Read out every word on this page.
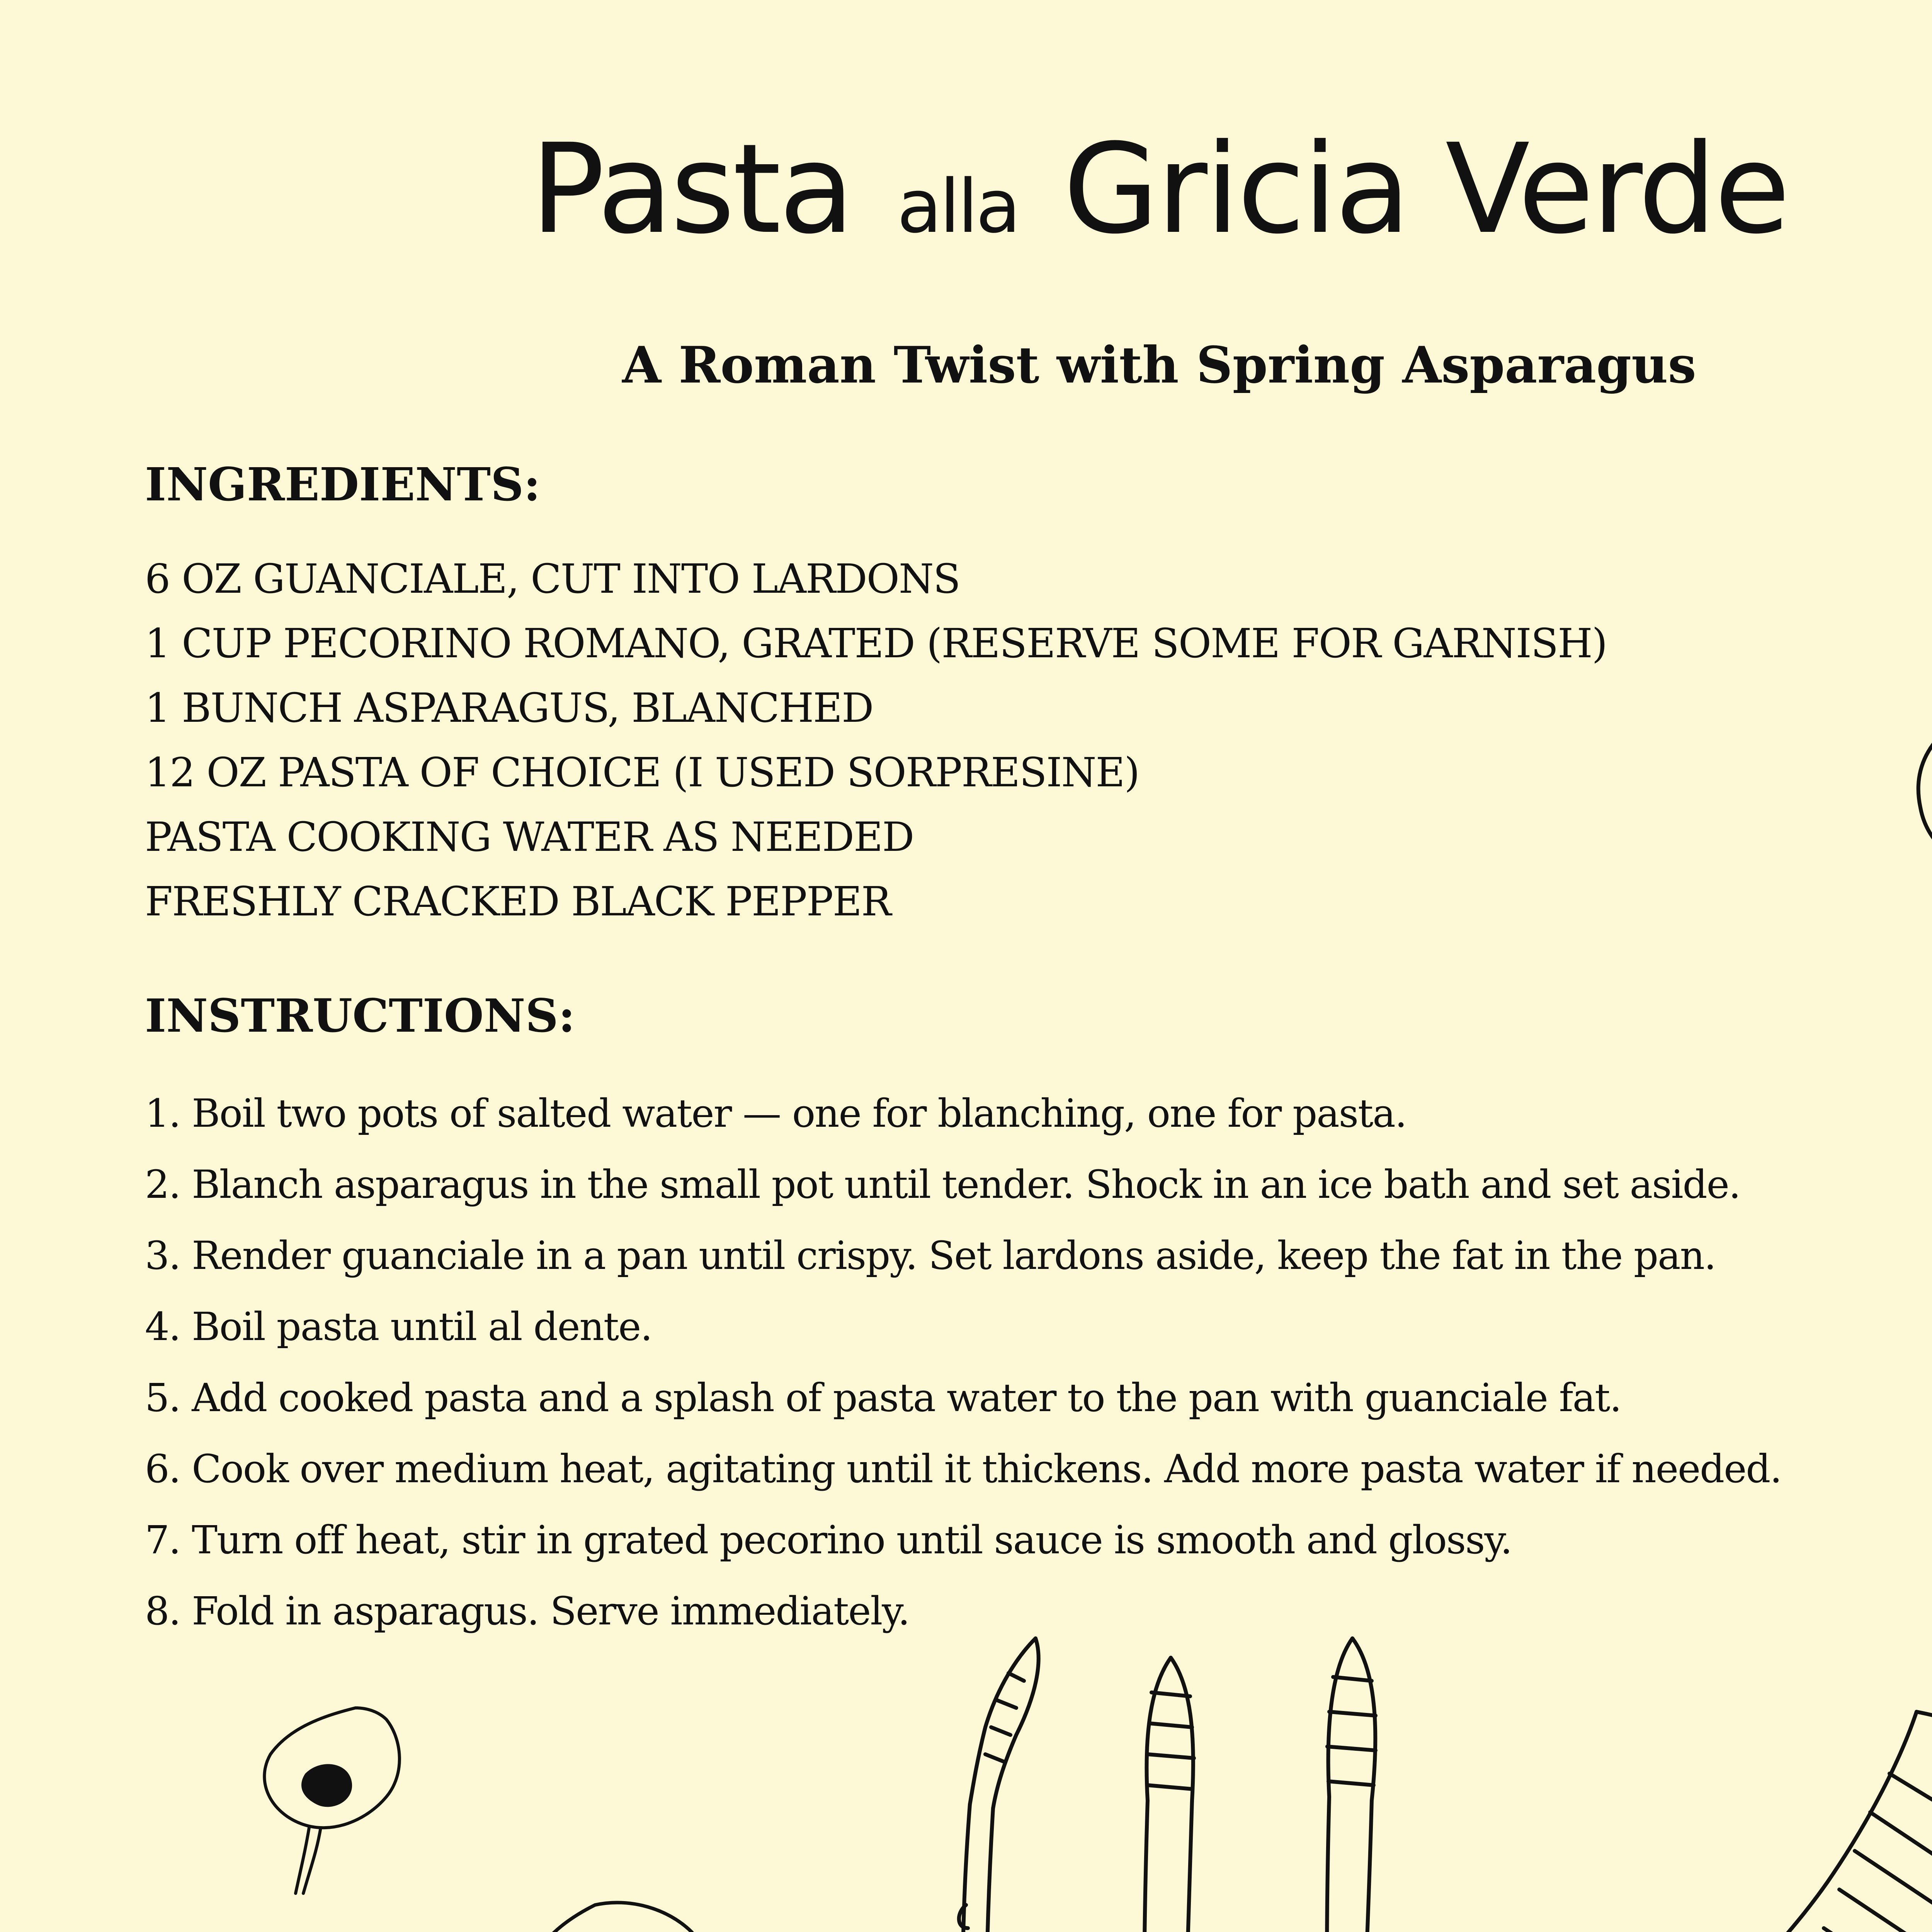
Pasta alla Gricia Verde
A Roman Twist with Spring Asparagus
INGREDIENTS:
6 OZ GUANCIALE, CUT INTO LARDONS
1 CUP PECORINO ROMANO, GRATED (RESERVE SOME FOR GARNISH)
1 BUNCH ASPARAGUS, BLANCHED
12 OZ PASTA OF CHOICE (I USED SORPRESINE)
PASTA COOKING WATER AS NEEDED
FRESHLY CRACKED BLACK PEPPER
INSTRUCTIONS:
1. Boil two pots of salted water — one for blanching, one for pasta.
2. Blanch asparagus in the small pot until tender. Shock in an ice bath and set aside.
3. Render guanciale in a pan until crispy. Set lardons aside, keep the fat in the pan.
4. Boil pasta until al dente.
5. Add cooked pasta and a splash of pasta water to the pan with guanciale fat.
6. Cook over medium heat, agitating until it thickens. Add more pasta water if needed.
7. Turn off heat, stir in grated pecorino until sauce is smooth and glossy.
8. Fold in asparagus. Serve immediately.
